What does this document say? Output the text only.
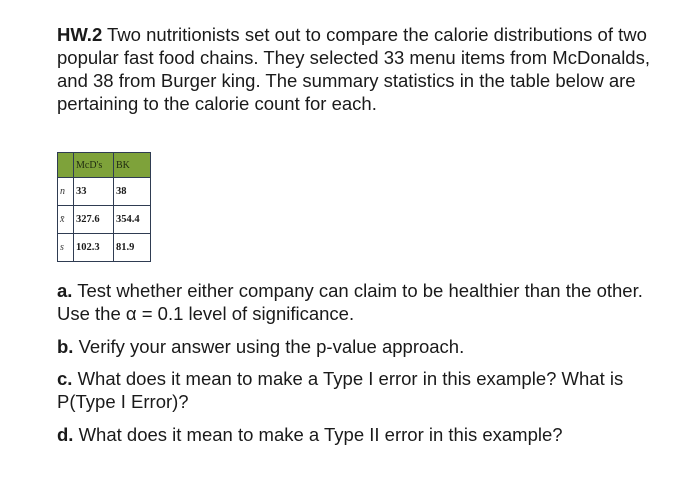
HW.2 Two nutritionists set out to compare the calorie distributions of two popular fast food chains. They selected 33 menu items from McDonalds, and 38 from Burger king. The summary statistics in the table below are pertaining to the calorie count for each.

	McD's	BK
n	33	38
x̄	327.6	354.4
s	102.3	81.9

a. Test whether either company can claim to be healthier than the other. Use the α = 0.1 level of significance.

b. Verify your answer using the p-value approach.

c. What does it mean to make a Type I error in this example? What is P(Type I Error)?

d. What does it mean to make a Type II error in this example?
